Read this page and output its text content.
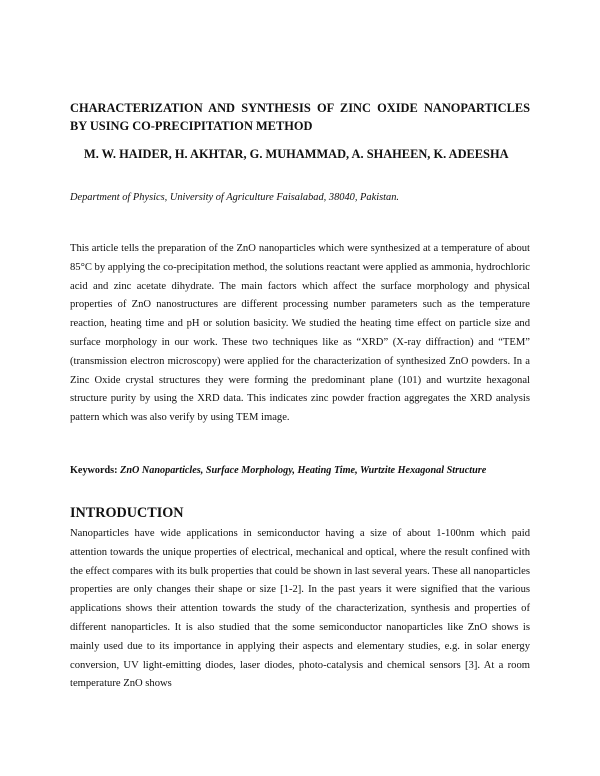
CHARACTERIZATION AND SYNTHESIS OF ZINC OXIDE NANOPARTICLES BY USING CO-PRECIPITATION METHOD

M. W. HAIDER, H. AKHTAR, G. MUHAMMAD, A. SHAHEEN, K. ADEESHA

Department of Physics, University of Agriculture Faisalabad, 38040, Pakistan.

This article tells the preparation of the ZnO nanoparticles which were synthesized at a temperature of about 85°C by applying the co-precipitation method, the solutions reactant were applied as ammonia, hydrochloric acid and zinc acetate dihydrate. The main factors which affect the surface morphology and physical properties of ZnO nanostructures are different processing number parameters such as the temperature reaction, heating time and pH or solution basicity. We studied the heating time effect on particle size and surface morphology in our work. These two techniques like as “XRD” (X-ray diffraction) and “TEM” (transmission electron microscopy) were applied for the characterization of synthesized ZnO powders. In a Zinc Oxide crystal structures they were forming the predominant plane (101) and wurtzite hexagonal structure purity by using the XRD data. This indicates zinc powder fraction aggregates the XRD analysis pattern which was also verify by using TEM image.

Keywords: ZnO Nanoparticles, Surface Morphology, Heating Time, Wurtzite Hexagonal Structure

INTRODUCTION

Nanoparticles have wide applications in semiconductor having a size of about 1-100nm which paid attention towards the unique properties of electrical, mechanical and optical, where the result confined with the effect compares with its bulk properties that could be shown in last several years. These all nanoparticles properties are only changes their shape or size [1-2]. In the past years it were signified that the various applications shows their attention towards the study of the characterization, synthesis and properties of different nanoparticles. It is also studied that the some semiconductor nanoparticles like ZnO shows is mainly used due to its importance in applying their aspects and elementary studies, e.g. in solar energy conversion, UV light-emitting diodes, laser diodes, photo-catalysis and chemical sensors [3]. At a room temperature ZnO shows
